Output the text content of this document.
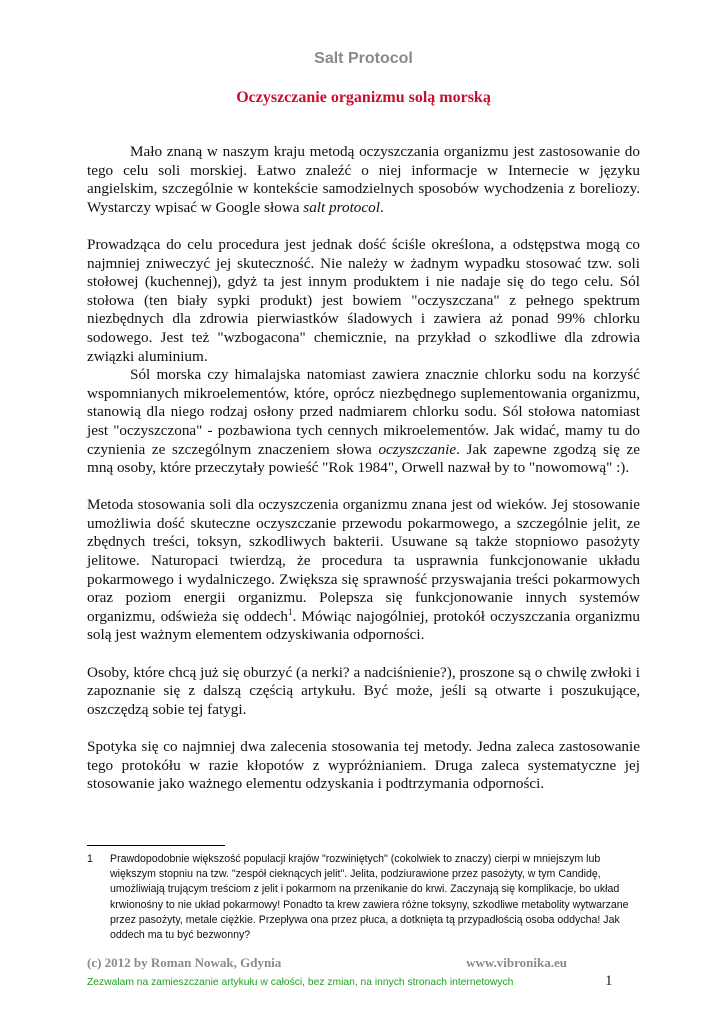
Salt Protocol
Oczyszczanie organizmu solą morską

Mało znaną w naszym kraju metodą oczyszczania organizmu jest zastosowanie do tego celu soli morskiej. Łatwo znaleźć o niej informacje w Internecie w języku angielskim, szczególnie w kontekście samodzielnych sposobów wychodzenia z boreliozy. Wystarczy wpisać w Google słowa salt protocol.

Prowadząca do celu procedura jest jednak dość ściśle określona, a odstępstwa mogą co najmniej zniweczyć jej skuteczność. Nie należy w żadnym wypadku stosować tzw. soli stołowej (kuchennej), gdyż ta jest innym produktem i nie nadaje się do tego celu. Sól stołowa (ten biały sypki produkt) jest bowiem "oczyszczana" z pełnego spektrum niezbędnych dla zdrowia pierwiastków śladowych i zawiera aż ponad 99% chlorku sodowego. Jest też "wzbogacona" chemicznie, na przykład o szkodliwe dla zdrowia związki aluminium.

Sól morska czy himalajska natomiast zawiera znacznie chlorku sodu na korzyść wspomnianych mikroelementów, które, oprócz niezbędnego suplementowania organizmu, stanowią dla niego rodzaj osłony przed nadmiarem chlorku sodu. Sól stołowa natomiast jest "oczyszczona" - pozbawiona tych cennych mikroelementów. Jak widać, mamy tu do czynienia ze szczególnym znaczeniem słowa oczyszczanie. Jak zapewne zgodzą się ze mną osoby, które przeczytały powieść "Rok 1984", Orwell nazwał by to "nowomową" :).

Metoda stosowania soli dla oczyszczenia organizmu znana jest od wieków. Jej stosowanie umożliwia dość skuteczne oczyszczanie przewodu pokarmowego, a szczególnie jelit, ze zbędnych treści, toksyn, szkodliwych bakterii. Usuwane są także stopniowo pasożyty jelitowe. Naturopaci twierdzą, że procedura ta usprawnia funkcjonowanie układu pokarmowego i wydalniczego. Zwiększa się sprawność przyswajania treści pokarmowych oraz poziom energii organizmu. Polepsza się funkcjonowanie innych systemów organizmu, odświeża się oddech$^1$. Mówiąc najogólniej, protokół oczyszczania organizmu solą jest ważnym elementem odzyskiwania odporności.

Osoby, które chcą już się oburzyć (a nerki? a nadciśnienie?), proszone są o chwilę zwłoki i zapoznanie się z dalszą częścią artykułu. Być może, jeśli są otwarte i poszukujące, oszczędzą sobie tej fatygi.

Spotyka się co najmniej dwa zalecenia stosowania tej metody. Jedna zaleca zastosowanie tego protokółu w razie kłopotów z wypróżnianiem. Druga zaleca systematyczne jej stosowanie jako ważnego elementu odzyskania i podtrzymania odporności.

1	Prawdopodobnie większość populacji krajów "rozwiniętych" (cokolwiek to znaczy) cierpi w mniejszym lub większym stopniu na tzw. "zespół cieknących jelit". Jelita, podziurawione przez pasożyty, w tym Candidę, umożliwiają trującym treściom z jelit i pokarmom na przenikanie do krwi. Zaczynają się komplikacje, bo układ krwionośny to nie układ pokarmowy! Ponadto ta krew zawiera różne toksyny, szkodliwe metabolity wytwarzane przez pasożyty, metale ciężkie. Przepływa ona przez płuca, a dotknięta tą przypadłością osoba oddycha! Jak oddech ma tu być bezwonny?
(c) 2012 by Roman Nowak, Gdynia	www.vibronika.eu
Zezwalam na zamieszczanie artykułu w całości, bez zmian, na innych stronach internetowych	1
